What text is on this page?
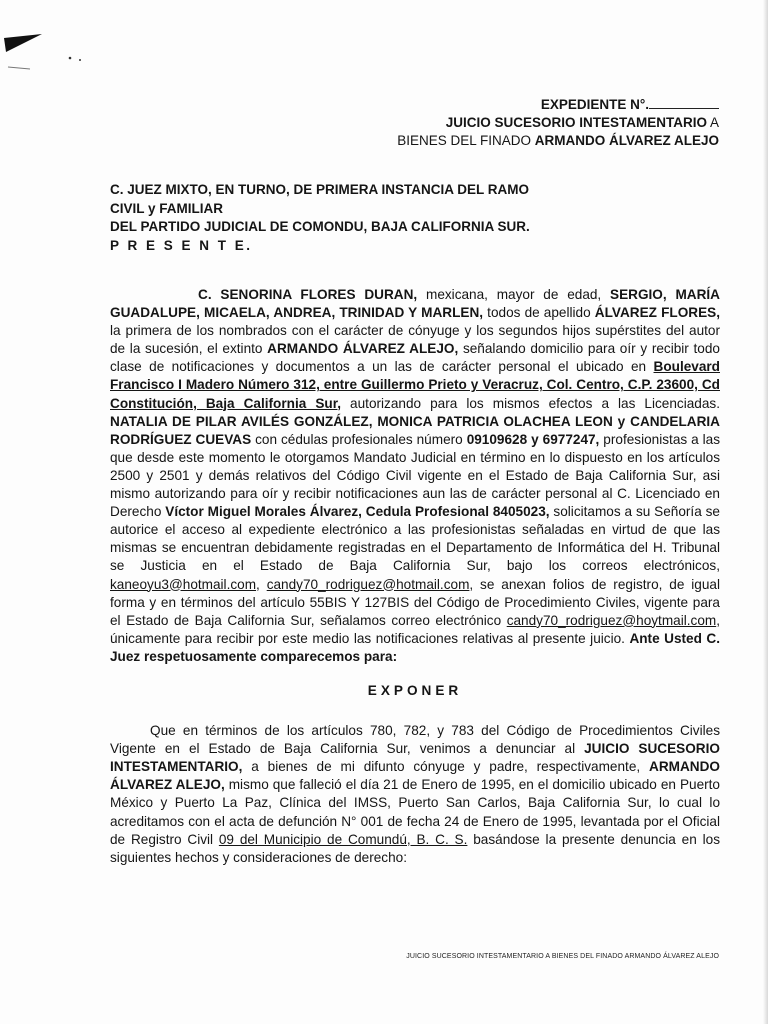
EXPEDIENTE N°.
JUICIO SUCESORIO INTESTAMENTARIO A
BIENES DEL FINADO ARMANDO ÁLVAREZ ALEJO
C. JUEZ MIXTO, EN TURNO, DE PRIMERA INSTANCIA DEL RAMO
CIVIL y FAMILIAR
DEL PARTIDO JUDICIAL DE COMONDU, BAJA CALIFORNIA SUR.
P R E S E N T E.

C. SENORINA FLORES DURAN, mexicana, mayor de edad, SERGIO, MARÍA GUADALUPE, MICAELA, ANDREA, TRINIDAD Y MARLEN, todos de apellido ÁLVAREZ FLORES, la primera de los nombrados con el carácter de cónyuge y los segundos hijos supérstites del autor de la sucesión, el extinto ARMANDO ÁLVAREZ ALEJO, señalando domicilio para oír y recibir todo clase de notificaciones y documentos a un las de carácter personal el ubicado en Boulevard Francisco I Madero Número 312, entre Guillermo Prieto y Veracruz, Col. Centro, C.P. 23600, Cd Constitución, Baja California Sur, autorizando para los mismos efectos a las Licenciadas. NATALIA DE PILAR AVILÉS GONZÁLEZ, MONICA PATRICIA OLACHEA LEON y CANDELARIA RODRÍGUEZ CUEVAS con cédulas profesionales número 09109628 y 6977247, profesionistas a las que desde este momento le otorgamos Mandato Judicial en término en lo dispuesto en los artículos 2500 y 2501 y demás relativos del Código Civil vigente en el Estado de Baja California Sur, asi mismo autorizando para oír y recibir notificaciones aun las de carácter personal al C. Licenciado en Derecho Víctor Miguel Morales Álvarez, Cedula Profesional 8405023, solicitamos a su Señoría se autorice el acceso al expediente electrónico a las profesionistas señaladas en virtud de que las mismas se encuentran debidamente registradas en el Departamento de Informática del H. Tribunal se Justicia en el Estado de Baja California Sur, bajo los correos electrónicos, kaneoyu3@hotmail.com, candy70_rodriguez@hotmail.com, se anexan folios de registro, de igual forma y en términos del artículo 55BIS Y 127BIS del Código de Procedimiento Civiles, vigente para el Estado de Baja California Sur, señalamos correo electrónico candy70_rodriguez@hoytmail.com, únicamente para recibir por este medio las notificaciones relativas al presente juicio. Ante Usted C. Juez respetuosamente comparecemos para:

EXPONER

Que en términos de los artículos 780, 782, y 783 del Código de Procedimientos Civiles Vigente en el Estado de Baja California Sur, venimos a denunciar al JUICIO SUCESORIO INTESTAMENTARIO, a bienes de mi difunto cónyuge y padre, respectivamente, ARMANDO ÁLVAREZ ALEJO, mismo que falleció el día 21 de Enero de 1995, en el domicilio ubicado en Puerto México y Puerto La Paz, Clínica del IMSS, Puerto San Carlos, Baja California Sur, lo cual lo acreditamos con el acta de defunción N° 001 de fecha 24 de Enero de 1995, levantada por el Oficial de Registro Civil 09 del Municipio de Comundú, B. C. S. basándose la presente denuncia en los siguientes hechos y consideraciones de derecho:

JUICIO SUCESORIO INTESTAMENTARIO A BIENES DEL FINADO ARMANDO ÁLVAREZ ALEJO
